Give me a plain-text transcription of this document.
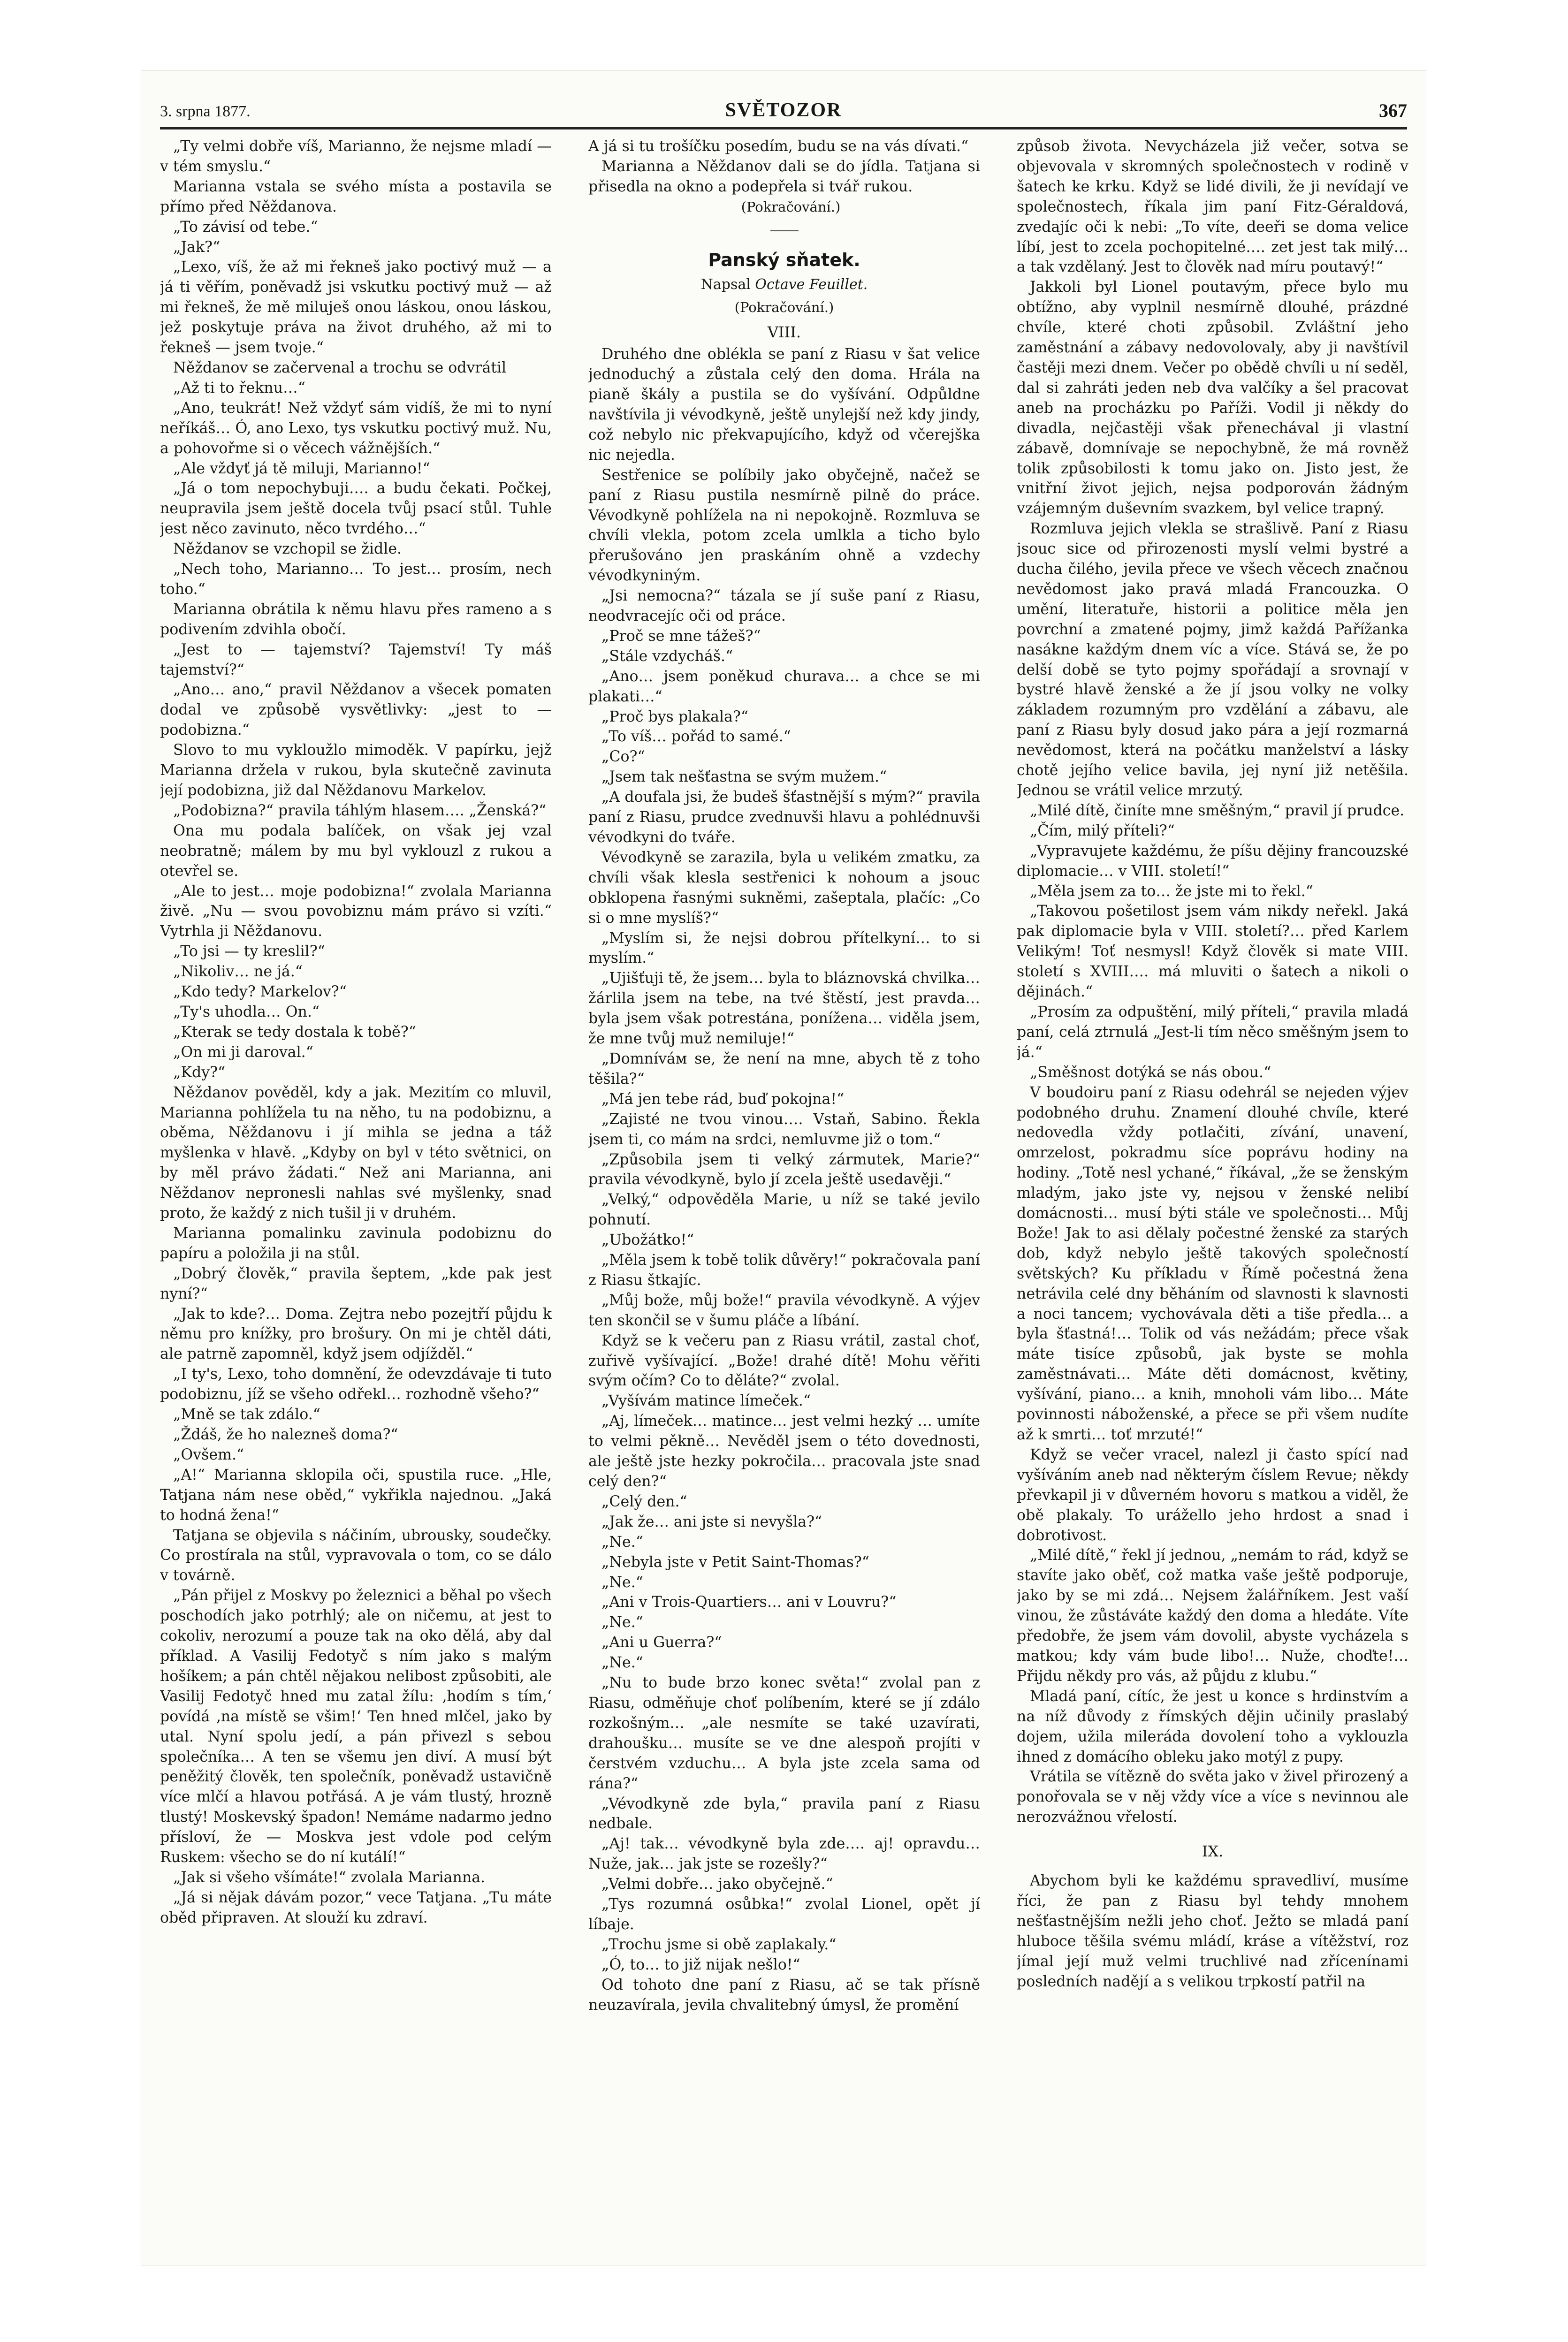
3. srpna 1877.	SVĚTOZOR	367

„Ty velmi dobře víš, Marianno, že nejsme mladí — v tém smyslu.“

Marianna vstala se svého místa a postavila se přímo před Něždanova.

„To závisí od tebe.“

„Jak?“

„Lexo, víš, že až mi řekneš jako poctivý muž — a já ti věřím, poněvadž jsi vskutku poctivý muž — až mi řekneš, že mě miluješ onou láskou, onou láskou, jež poskytuje práva na život druhého, až mi to řekneš — jsem tvoje.“

Něždanov se začervenal a trochu se odvrátil

„Až ti to řeknu…“

„Ano, teukrát! Než vždyť sám vidíš, že mi to nyní neříkáš… Ó, ano Lexo, tys vskutku poctivý muž. Nu, a pohovořme si o věcech vážnějších.“

„Ale vždyť já tě miluji, Marianno!“

„Já o tom nepochybuji…. a budu čekati. Počkej, neupravila jsem ještě docela tvůj psací stůl. Tuhle jest něco zavinuto, něco tvrdého…“

Něždanov se vzchopil se židle.

„Nech toho, Marianno… To jest… prosím, nech toho.“

Marianna obrátila k němu hlavu přes rameno a s podivením zdvihla obočí.

„Jest to — tajemství? Tajemství! Ty máš tajemství?“

„Ano… ano,“ pravil Něždanov a všecek pomaten dodal ve způsobě vysvětlivky: „jest to — podobizna.“

Slovo to mu vykloužlo mimoděk. V papírku, jejž Marianna držela v rukou, byla skutečně zavinuta její podobizna, již dal Něždanovu Markelov.

„Podobizna?“ pravila táhlým hlasem…. „Ženská?“

Ona mu podala balíček, on však jej vzal neobratně; málem by mu byl vyklouzl z rukou a otevřel se.

„Ale to jest… moje podobizna!“ zvolala Marianna živě. „Nu — svou povobiznu mám právo si vzíti.“ Vytrhla ji Něždanovu.

„To jsi — ty kreslil?“

„Nikoliv… ne já.“

„Kdo tedy? Markelov?“

„Ty's uhodla… On.“

„Kterak se tedy dostala k tobě?“

„On mi ji daroval.“

„Kdy?“

Něždanov pověděl, kdy a jak. Mezitím co mluvil, Marianna pohlížela tu na něho, tu na podobiznu, a oběma, Něždanovu i jí mihla se jedna a táž myšlenka v hlavě. „Kdyby on byl v této světnici, on by měl právo žádati.“ Než ani Marianna, ani Něždanov nepronesli nahlas své myšlenky, snad proto, že každý z nich tušil ji v druhém.

Marianna pomalinku zavinula podobiznu do papíru a položila ji na stůl.

„Dobrý člověk,“ pravila šeptem, „kde pak jest nyní?“

„Jak to kde?… Doma. Zejtra nebo pozejtří půjdu k němu pro knížky, pro brošury. On mi je chtěl dáti, ale patrně zapomněl, když jsem odjížděl.“

„I ty's, Lexo, toho domnění, že odevzdávaje ti tuto podobiznu, jíž se všeho odřekl… rozhodně všeho?“

„Mně se tak zdálo.“

„Ždáš, že ho nalezneš doma?“

„Ovšem.“

„A!“ Marianna sklopila oči, spustila ruce. „Hle, Tatjana nám nese oběd,“ vykřikla najednou. „Jaká to hodná žena!“

Tatjana se objevila s náčiním, ubrousky, soudečky. Co prostírala na stůl, vypravovala o tom, co se dálo v továrně.

„Pán přijel z Moskvy po železnici a běhal po všech poschodích jako potrhlý; ale on ničemu, at jest to cokoliv, nerozumí a pouze tak na oko dělá, aby dal příklad. A Vasilij Fedotyč s ním jako s malým hošíkem; a pán chtěl nějakou nelibost způsobiti, ale Vasilij Fedotyč hned mu zatal žílu: ‚hodím s tím,‘ povídá ‚na místě se všim!‘ Ten hned mlčel, jako by utal. Nyní spolu jedí, a pán přivezl s sebou společníka… A ten se všemu jen diví. A musí být peněžitý člověk, ten společník, poněvadž ustavičně více mlčí a hlavou potřásá. A je vám tlustý, hrozně tlustý! Moskevský špadon! Nemáme nadarmo jedno přísloví, že — Moskva jest vdole pod celým Ruskem: všecho se do ní kutálí!“

„Jak si všeho všímáte!“ zvolala Marianna.

„Já si nějak dávám pozor,“ vece Tatjana. „Tu máte oběd připraven. At slouží ku zdraví.

A já si tu trošíčku posedím, budu se na vás dívati.“

Marianna a Něždanov dali se do jídla. Tatjana si přisedla na okno a podepřela si tvář rukou.

(Pokračování.)

Panský sňatek.
Napsal Octave Feuillet.
(Pokračování.)
VIII.

Druhého dne oblékla se paní z Riasu v šat velice jednoduchý a zůstala celý den doma. Hrála na pianě škály a pustila se do vyšívání. Odpůldne navštívila ji vévodkyně, ještě unylejší než kdy jindy, což nebylo nic překvapujícího, když od včerejška nic nejedla.

Sestřenice se políbily jako obyčejně, načež se paní z Riasu pustila nesmírně pilně do práce. Vévodkyně pohlížela na ni nepokojně. Rozmluva se chvíli vlekla, potom zcela umlkla a ticho bylo přerušováno jen praskáním ohně a vzdechy vévodkyniným.

„Jsi nemocna?“ tázala se jí suše paní z Riasu, neodvracejíc oči od práce.

„Proč se mne tážeš?“

„Stále vzdycháš.“

„Ano… jsem poněkud churava… a chce se mi plakati…“

„Proč bys plakala?“

„To víš… pořád to samé.“

„Co?“

„Jsem tak nešťastna se svým mužem.“

„A doufala jsi, že budeš šťastnější s mým?“ pravila paní z Riasu, prudce zvednuvši hlavu a pohlédnuvši vévodkyni do tváře.

Vévodkyně se zarazila, byla u velikém zmatku, za chvíli však klesla sestřenici k nohoum a jsouc obklopena řasnými sukněmi, zašeptala, plačíc: „Co si o mne myslíš?“

„Myslím si, že nejsi dobrou přítelkyní… to si myslím.“

„Ujišťuji tě, že jsem… byla to bláznovská chvilka… žárlila jsem na tebe, na tvé štěstí, jest pravda… byla jsem však potrestána, poníženа… viděla jsem, že mne tvůj muž nemiluje!“

„Domníváм se, že není na mne, abych tě z toho těšila?“

„Má jen tebe rád, buď pokojna!“

„Zajisté ne tvou vinou…. Vstaň, Sabino. Řekla jsem ti, co mám na srdci, nemluvme již o tom.“

„Způsobila jsem ti velký zármutek, Marie?“ pravila vévodkyně, bylo jí zcela ještě usedavěji.“

„Velký,“ odpověděla Marie, u níž se také jevilo pohnutí.

„Ubožátko!“

„Měla jsem k tobě tolik důvěry!“ pokračovala paní z Riasu štkajíc.

„Můj bože, můj bože!“ pravila vévodkyně. A výjev ten skončil se v šumu pláče a líbání.

Když se k večeru pan z Riasu vrátil, zastal choť, zuřivě vyšívající. „Bože! drahé dítě! Mohu věřiti svým očím? Co to děláte?“ zvolal.

„Vyšívám matince límeček.“

„Aj, límeček… matince… jest velmi hezký … umíte to velmi pěkně… Nevěděl jsem o této dovednosti, ale ještě jste hezky pokročila… pracovala jste snad celý den?“

„Celý den.“

„Jak že… ani jste si nevyšla?“

„Ne.“

„Nebyla jste v Petit Saint-Thomas?“

„Ne.“

„Ani v Trois-Quartiers… ani v Louvru?“

„Ne.“

„Ani u Guerra?“

„Ne.“

„Nu to bude brzo konec světa!“ zvolal pan z Riasu, odměňuje choť políbením, které se jí zdálo rozkošným… „ale nesmíte se také uzavírati, drahoušku… musíte se ve dne alespoň projíti v čerstvém vzduchu… A byla jste zcela sama od rána?“

„Vévodkyně zde byla,“ pravila paní z Riasu nedbale.

„Aj! tak… vévodkyně byla zde…. aj! opravdu… Nuže, jak… jak jste se rozešly?“

„Velmi dobře… jako obyčejně.“

„Tys rozumná osůbka!“ zvolal Lionel, opět jí líbaje.

„Trochu jsme si obě zaplakaly.“

„Ó, to… to již nijak nešlo!“

Od tohoto dne paní z Riasu, ač se tak přísně neuzavírala, jevila chvalitebný úmysl, že promění

způsob života. Nevycházela již večer, sotva se objevovala v skromných společnostech v rodině v šatech ke krku. Když se lidé divili, že ji nevídají ve společnostech, říkala jim paní Fitz-Géraldová, zvedajíc oči k nebi: „To víte, deeři se doma velice líbí, jest to zcela pochopitelné…. zet jest tak milý… a tak vzdělaný. Jest to člověk nad míru poutavý!“

Jakkoli byl Lionel poutavým, přece bylo mu obtížno, aby vyplnil nesmírně dlouhé, prázdné chvíle, které choti způsobil. Zvláštní jeho zaměstnání a zábavy nedovolovaly, aby ji navštívil častěji mezi dnem. Večer po obědě chvíli u ní seděl, dal si zahráti jeden neb dva valčíky a šel pracovat aneb na procházku po Paříži. Vodil ji někdy do divadla, nejčastěji však přenechával ji vlastní zábavě, domnívaje se nepochybně, že má rovněž tolik způsobilosti k tomu jako on. Jisto jest, že vnitřní život jejich, nejsa podporován žádným vzájemným duševním svazkem, byl velice trapný.

Rozmluva jejich vlekla se strašlivě. Paní z Riasu jsouc sice od přirozenosti myslí velmi bystré a ducha čilého, jevila přece ve všech věcech značnou nevědomost jako pravá mladá Francouzka. O umění, literatuře, historii a politice měla jen povrchní a zmatené pojmy, jimž každá Pařížanka nasákne každým dnem víc a více. Stává se, že po delší době se tyto pojmy spořádají a srovnají v bystré hlavě ženské a že jí jsou volky ne volky základem rozumným pro vzdělání a zábavu, ale paní z Riasu byly dosud jako pára a její rozmarná nevědomost, která na počátku manželství a lásky chotě jejího velice bavila, jej nyní již netěšila. Jednou se vrátil velice mrzutý.

„Milé dítě, činíte mne směšným,“ pravil jí prudce.

„Čím, milý příteli?“

„Vypravujete každému, že píšu dějiny francouzské diplomacie… v VIII. století!“

„Měla jsem za to… že jste mi to řekl.“

„Takovou pošetilost jsem vám nikdy neřekl. Jaká pak diplomacie byla v VIII. století?… před Karlem Velikým! Toť nesmysl! Když člověk si mate VIII. století s XVIII…. má mluviti o šatech a nikoli o dějinách.“

„Prosím za odpuštění, milý příteli,“ pravila mladá paní, celá ztrnulá „Jest-li tím něco směšným jsem to já.“

„Směšnost dotýká se nás obou.“

V boudoiru paní z Riasu odehrál se nejeden výjev podobného druhu. Znamení dlouhé chvíle, které nedovedla vždy potlačiti, zívání, unavení, omrzelost, pokradmu síce poprávu hodiny na hodiny. „Totě nesl ychané,“ říkával, „že se ženským mladým, jako jste vy, nejsou v ženské nelibí domácnosti… musí býti stále ve společnosti… Můj Bože! Jak to asi dělaly počestné ženské za starých dob, když nebylo ještě takových společností světských? Ku příkladu v Římě počestná žena netrávila celé dny běháním od slavnosti k slavnosti a noci tancem; vychovávala děti a tiše předla… a byla šťastná!… Tolik od vás nežádám; přece však máte tisíce způsobů, jak byste se mohla zaměstnávati… Máte děti domácnost, květiny, vyšívání, piano… a knih, mnoholi vám libo… Máte povinnosti náboženské, a přece se při všem nudíte až k smrti… toť mrzuté!“

Když se večer vracel, nalezl ji často spící nad vyšíváním aneb nad některým číslem Revue; někdy převkapil ji v důverném hovoru s matkou a viděl, že obě plakaly. To urážello jeho hrdost a snad i dobrotivost.

„Milé dítě,“ řekl jí jednou, „nemám to rád, když se stavíte jako oběť, což matka vaše ještě podporuje, jako by se mi zdá… Nejsem žalářníkem. Jest vaší vinou, že zůstáváte každý den doma a hledáte. Víte předobře, že jsem vám dovolil, abyste vycházela s matkou; kdy vám bude libo!… Nuže, choďte!… Přijdu někdy pro vás, až půjdu z klubu.“

Mladá paní, cítíc, že jest u konce s hrdinstvím a na níž důvody z římských dějin učinily praslabý dojem, užila mileráda dovolení toho a vyklouzla ihned z domácího obleku jako motýl z pupy.

Vrátila se vítězně do světa jako v živel přirozený a ponořovala se v něj vždy více a více s nevinnou ale nerozvážnou vřelostí.

IX.

Abychom byli ke každému spravedliví, musíme říci, že pan z Riasu byl tehdy mnohem nešťastnějším nežli jeho choť. Ježto se mladá paní hluboce těšila svému mládí, kráse a vítěžství, roz jímal její muž velmi truchlivé nad zřícenínami posledních nadějí a s velikou trpkostí patřil na
